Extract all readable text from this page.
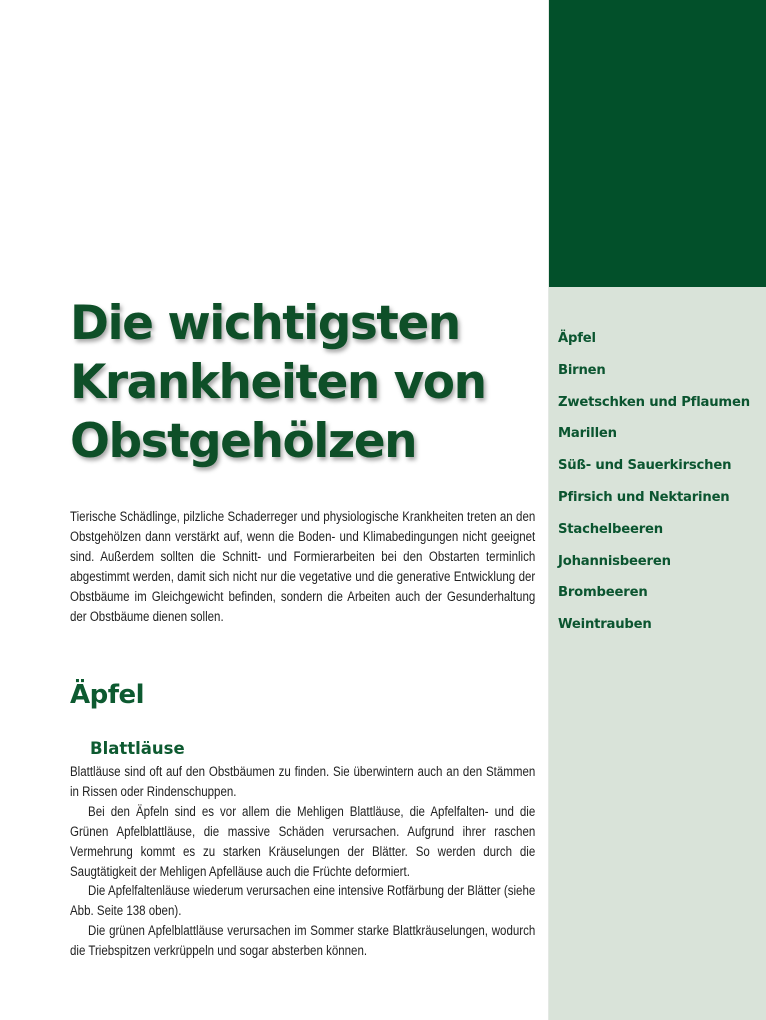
Die wichtigsten
Krankheiten von
Obstgehölzen

Tierische Schädlinge, pilzliche Schaderreger und physiologische Krankheiten treten an den Obstgehölzen dann verstärkt auf, wenn die Boden- und Klimabedingungen nicht geeignet sind. Außerdem sollten die Schnitt- und Formierarbeiten bei den Obstarten terminlich abgestimmt werden, damit sich nicht nur die vegetative und die generative Entwicklung der Obstbäume im Gleichgewicht befinden, sondern die Arbeiten auch der Gesunderhaltung der Obstbäume dienen sollen.

Äpfel
Blattläuse

Blattläuse sind oft auf den Obstbäumen zu finden. Sie überwintern auch an den Stämmen in Rissen oder Rindenschuppen.

Bei den Äpfeln sind es vor allem die Mehligen Blattläuse, die Apfelfalten- und die Grünen Apfelblattläuse, die massive Schäden verursachen. Aufgrund ihrer raschen Vermehrung kommt es zu starken Kräuselungen der Blätter. So werden durch die Saugtätigkeit der Mehligen Apfelläuse auch die Früchte deformiert.

Die Apfelfaltenläuse wiederum verursachen eine intensive Rotfärbung der Blätter (siehe Abb. Seite 138 oben).

Die grünen Apfelblattläuse verursachen im Sommer starke Blattkräuselungen, wodurch die Triebspitzen verkrüppeln und sogar absterben können.

Äpfel
Birnen
Zwetschken und Pflaumen
Marillen
Süß- und Sauerkirschen
Pfirsich und Nektarinen
Stachelbeeren
Johannisbeeren
Brombeeren
Weintrauben
